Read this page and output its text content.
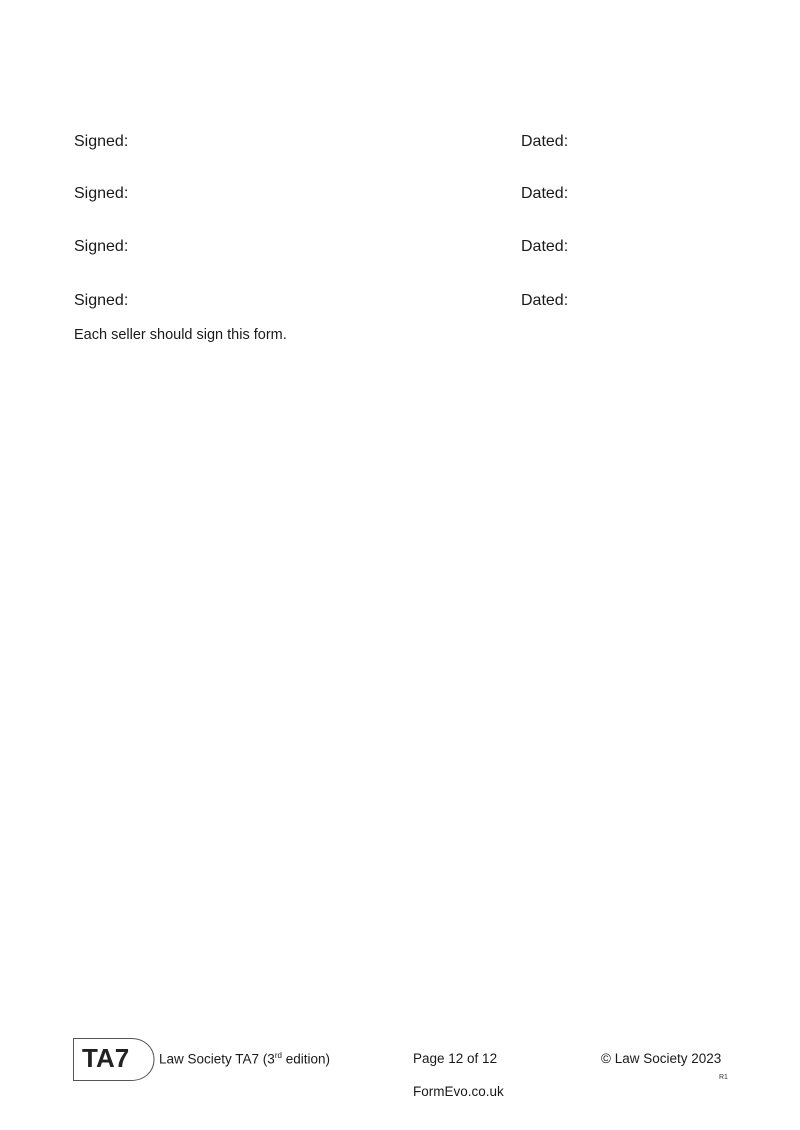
Signed:	Dated:
Signed:	Dated:
Signed:	Dated:
Signed:	Dated:
Each seller should sign this form.
TA7 Law Society TA7 (3rd edition)	Page 12 of 12	© Law Society 2023
R1
FormEvo.co.uk
